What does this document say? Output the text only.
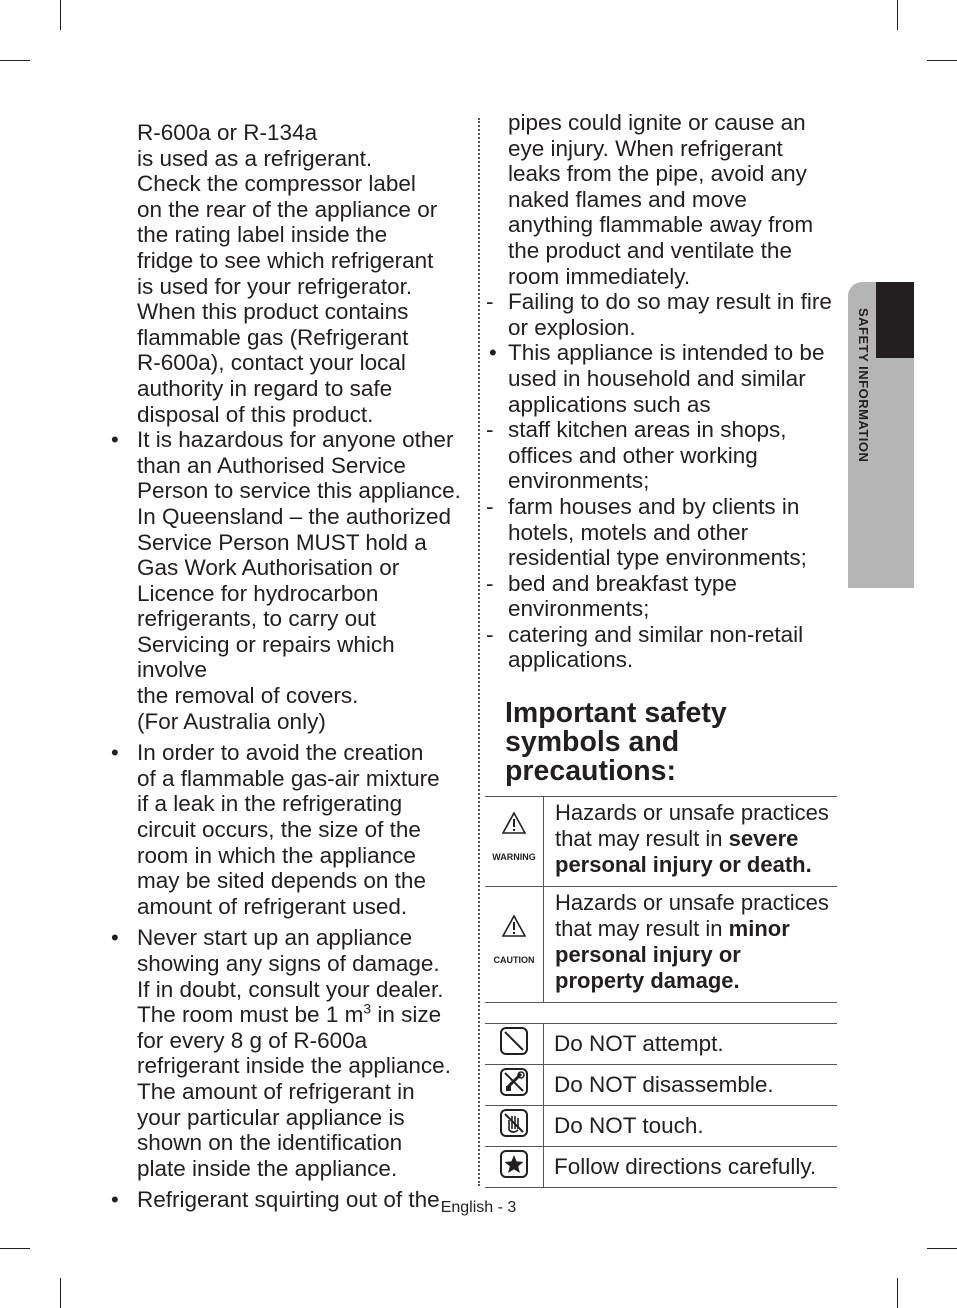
R-600a or R-134a
is used as a refrigerant.
Check the compressor label
on the rear of the appliance or
the rating label inside the
fridge to see which refrigerant
is used for your refrigerator.
When this product contains
flammable gas (Refrigerant
R-600a), contact your local
authority in regard to safe
disposal of this product.
• It is hazardous for anyone other
than an Authorised Service
Person to service this appliance.
In Queensland – the authorized
Service Person MUST hold a
Gas Work Authorisation or
Licence for hydrocarbon
refrigerants, to carry out
Servicing or repairs which involve
the removal of covers.
(For Australia only)
• In order to avoid the creation
of a flammable gas-air mixture
if a leak in the refrigerating
circuit occurs, the size of the
room in which the appliance
may be sited depends on the
amount of refrigerant used.
• Never start up an appliance
showing any signs of damage.
If in doubt, consult your dealer.
The room must be 1 $m^3$ in size
for every 8 g of R-600a
refrigerant inside the appliance.
The amount of refrigerant in
your particular appliance is
shown on the identification
plate inside the appliance.
• Refrigerant squirting out of the
pipes could ignite or cause an
eye injury. When refrigerant
leaks from the pipe, avoid any
naked flames and move
anything flammable away from
the product and ventilate the
room immediately.
- Failing to do so may result in fire
or explosion.
• This appliance is intended to be
used in household and similar
applications such as
- staff kitchen areas in shops,
offices and other working
environments;
- farm houses and by clients in
hotels, motels and other
residential type environments;
- bed and breakfast type
environments;
- catering and similar non-retail
applications.
Important safety
symbols and
precautions:
WARNING	Hazards or unsafe practices
that may result in severe
personal injury or death.

CAUTION	Hazards or unsafe practices
that may result in minor
personal injury or
property damage.
	Do NOT attempt.
	Do NOT disassemble.
	Do NOT touch.
	Follow directions carefully.
SAFETY INFORMATION
English - 3
